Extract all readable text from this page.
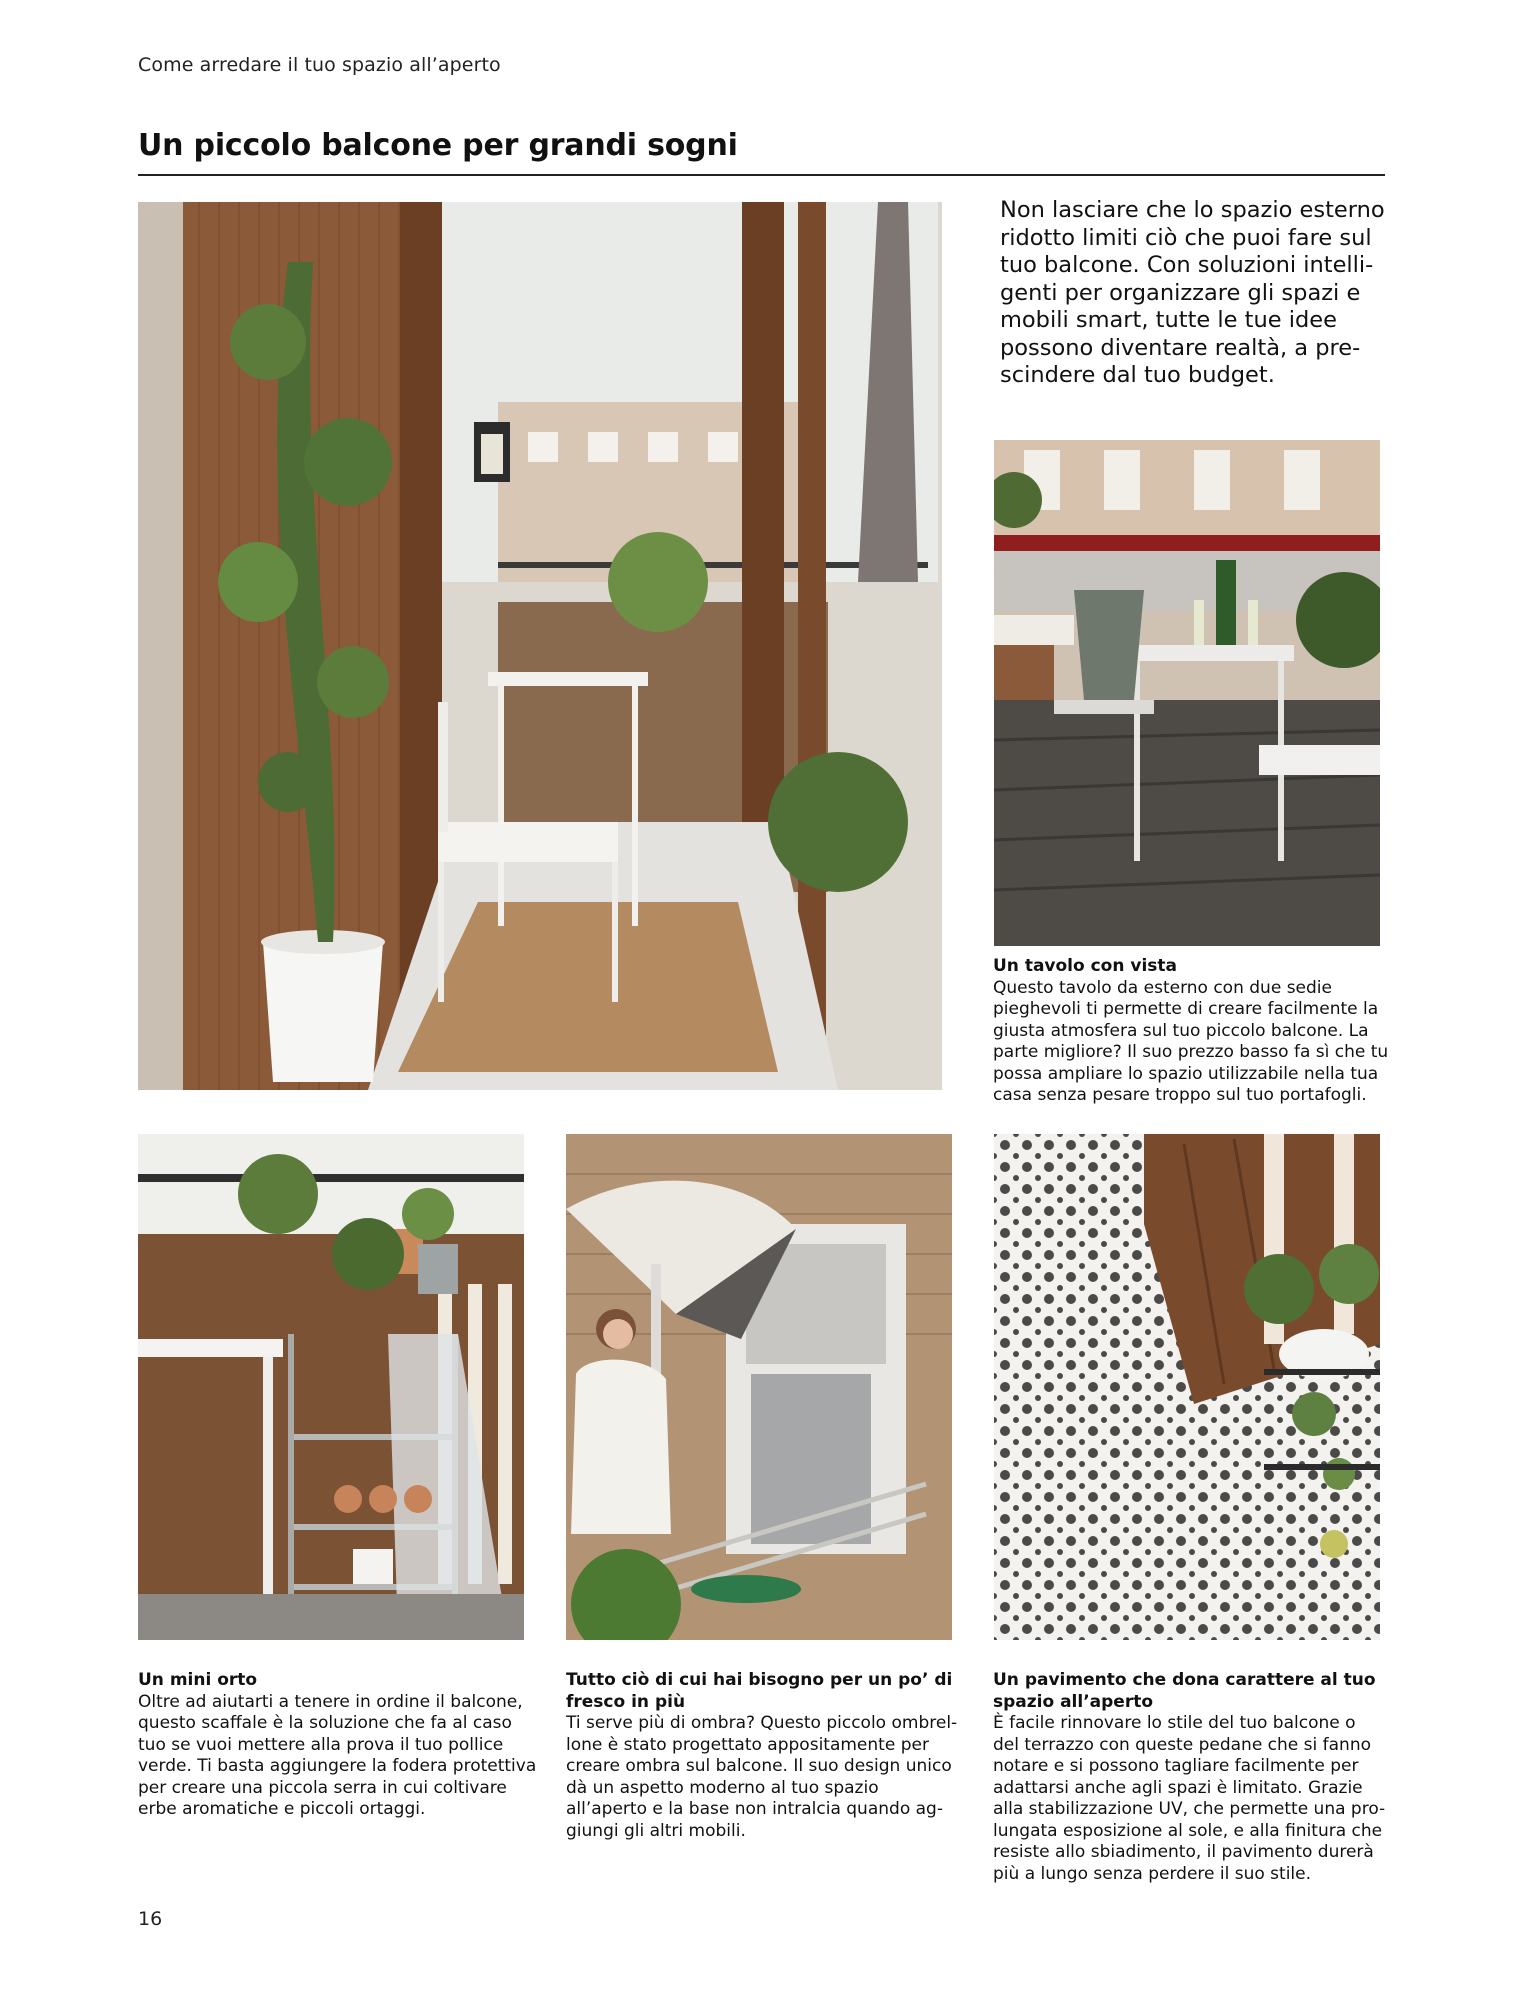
Come arredare il tuo spazio all’aperto
Un piccolo balcone per grandi sogni
Non lasciare che lo spazio esterno
ridotto limiti ciò che puoi fare sul
tuo balcone. Con soluzioni intelli-
genti per organizzare gli spazi e
mobili smart, tutte le tue idee
possono diventare realtà, a pre-
scindere dal tuo budget.
Un tavolo con vista
Questo tavolo da esterno con due sedie
pieghevoli ti permette di creare facilmente la
giusta atmosfera sul tuo piccolo balcone. La
parte migliore? Il suo prezzo basso fa sì che tu
possa ampliare lo spazio utilizzabile nella tua
casa senza pesare troppo sul tuo portafogli.
Un mini orto
Oltre ad aiutarti a tenere in ordine il balcone,
questo scaffale è la soluzione che fa al caso
tuo se vuoi mettere alla prova il tuo pollice
verde. Ti basta aggiungere la fodera protettiva
per creare una piccola serra in cui coltivare
erbe aromatiche e piccoli ortaggi.
Tutto ciò di cui hai bisogno per un po’ di
fresco in più
Ti serve più di ombra? Questo piccolo ombrel-
lone è stato progettato appositamente per
creare ombra sul balcone. Il suo design unico
dà un aspetto moderno al tuo spazio
all’aperto e la base non intralcia quando ag-
giungi gli altri mobili.
Un pavimento che dona carattere al tuo
spazio all’aperto
È facile rinnovare lo stile del tuo balcone o
del terrazzo con queste pedane che si fanno
notare e si possono tagliare facilmente per
adattarsi anche agli spazi è limitato. Grazie
alla stabilizzazione UV, che permette una pro-
lungata esposizione al sole, e alla finitura che
resiste allo sbiadimento, il pavimento durerà
più a lungo senza perdere il suo stile.
16
